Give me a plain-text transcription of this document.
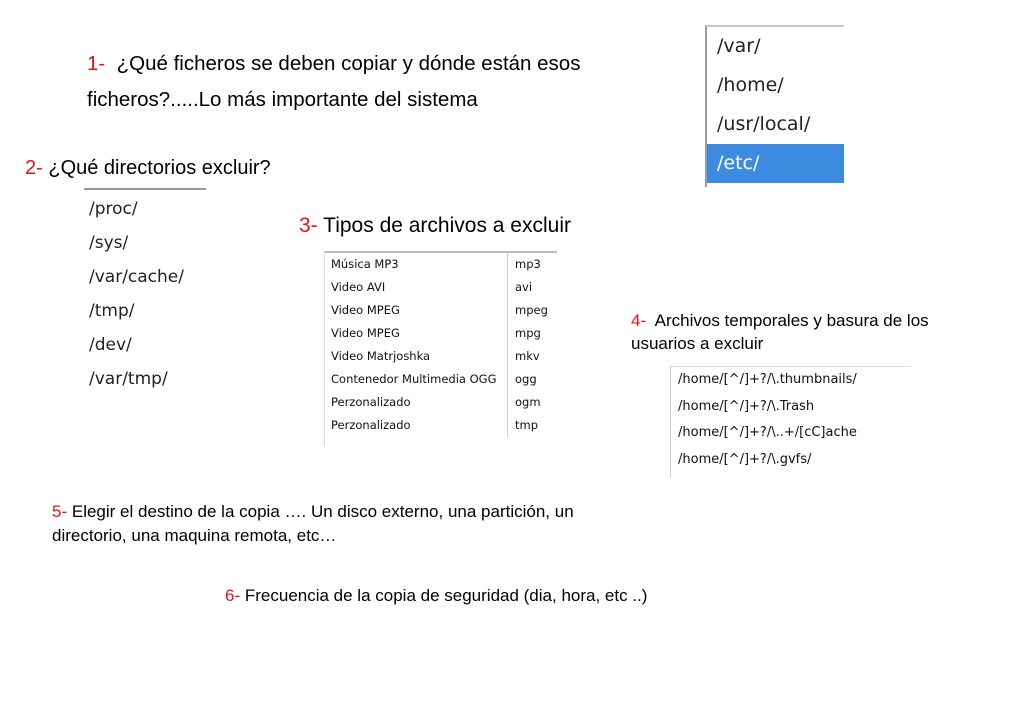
1- ¿Qué ficheros se deben copiar y dónde están esos ficheros?.....Lo más importante del sistema
/var/
/home/
/usr/local/
/etc/
2- ¿Qué directorios excluir?
/proc/
/sys/
/var/cache/
/tmp/
/dev/
/var/tmp/
3- Tipos de archivos a excluir
Música MP3	mp3
Video AVI	avi
Video MPEG	mpeg
Video MPEG	mpg
Video Matrjoshka	mkv
Contenedor Multimedia OGG	ogg
Perzonalizado	ogm
Perzonalizado	tmp
4- Archivos temporales y basura de los usuarios a excluir
/home/[^/]+?/\.thumbnails/
/home/[^/]+?/\.Trash
/home/[^/]+?/\..+/[cC]ache
/home/[^/]+?/\.gvfs/
5- Elegir el destino de la copia …. Un disco externo, una partición, un directorio, una maquina remota, etc…
6- Frecuencia de la copia de seguridad (dia, hora, etc ..)
